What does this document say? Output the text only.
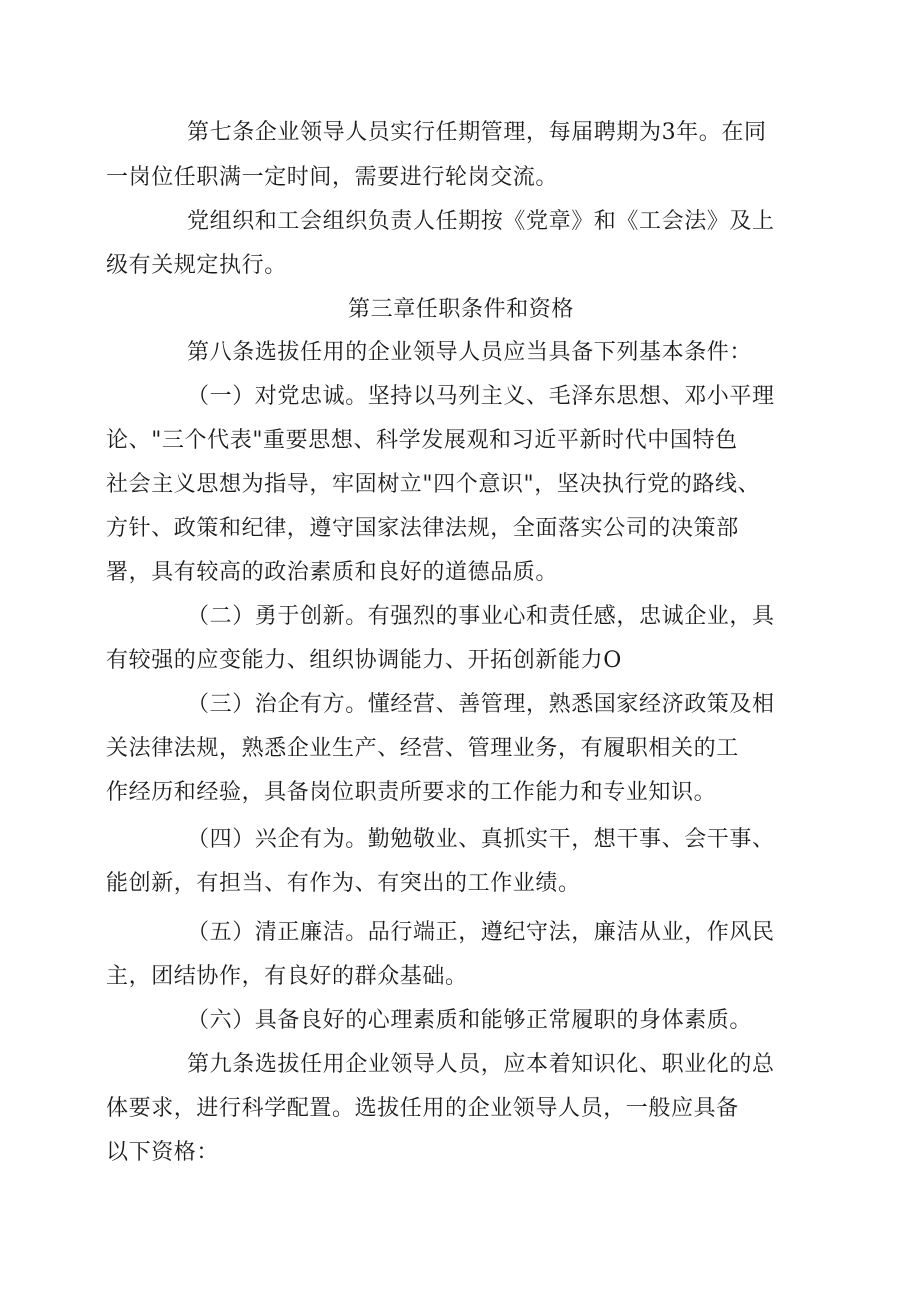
第七条企业领导人员实行任期管理，每届聘期为3年。在同
一岗位任职满一定时间，需要进行轮岗交流。
党组织和工会组织负责人任期按《党章》和《工会法》及上
级有关规定执行。
第三章任职条件和资格
第八条选拔任用的企业领导人员应当具备下列基本条件：
（一）对党忠诚。坚持以马列主义、毛泽东思想、邓小平理
论、"三个代表"重要思想、科学发展观和习近平新时代中国特色
社会主义思想为指导，牢固树立"四个意识"，坚决执行党的路线、
方针、政策和纪律，遵守国家法律法规，全面落实公司的决策部
署，具有较高的政治素质和良好的道德品质。
（二）勇于创新。有强烈的事业心和责任感，忠诚企业，具
有较强的应变能力、组织协调能力、开拓创新能力O
（三）治企有方。懂经营、善管理，熟悉国家经济政策及相
关法律法规，熟悉企业生产、经营、管理业务，有履职相关的工
作经历和经验，具备岗位职责所要求的工作能力和专业知识。
（四）兴企有为。勤勉敬业、真抓实干，想干事、会干事、
能创新，有担当、有作为、有突出的工作业绩。
（五）清正廉洁。品行端正，遵纪守法，廉洁从业，作风民
主，团结协作，有良好的群众基础。
（六）具备良好的心理素质和能够正常履职的身体素质。
第九条选拔任用企业领导人员，应本着知识化、职业化的总
体要求，进行科学配置。选拔任用的企业领导人员，一般应具备
以下资格：
